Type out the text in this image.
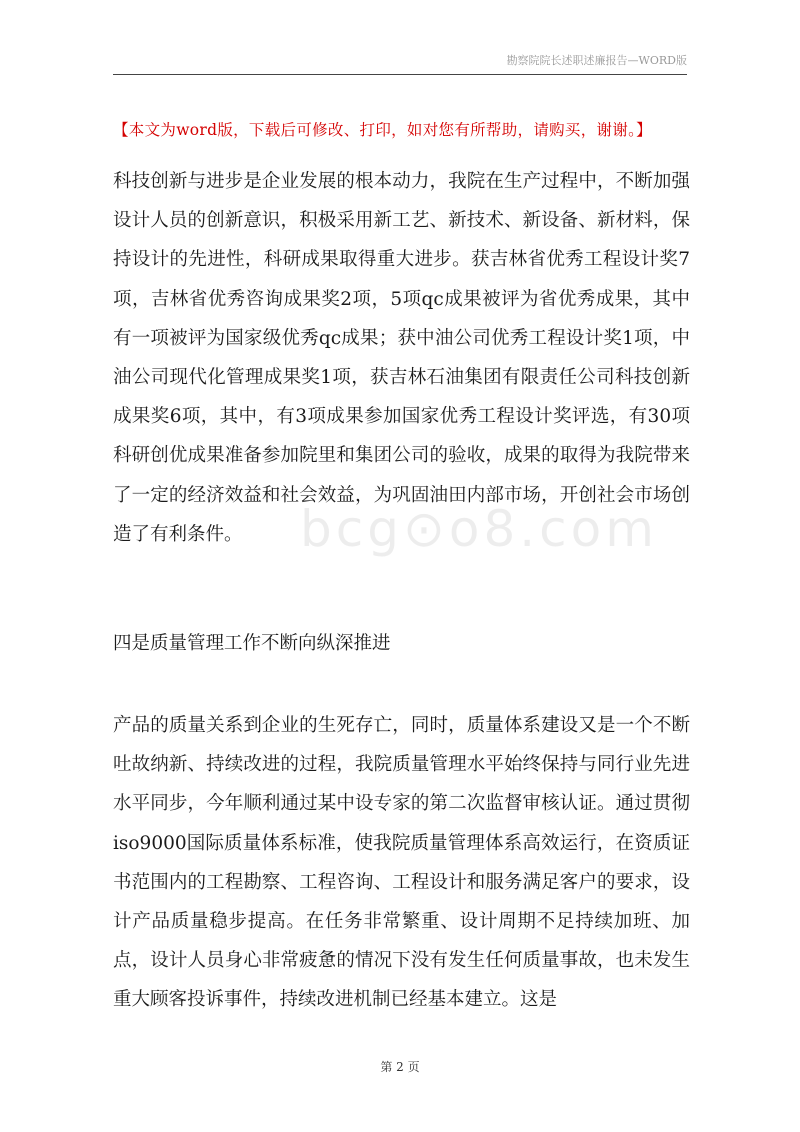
勘察院院长述职述廉报告—WORD版
【本文为word版，下载后可修改、打印，如对您有所帮助，请购买，谢谢。】

科技创新与进步是企业发展的根本动力，我院在生产过程中，不断加强设计人员的创新意识，积极采用新工艺、新技术、新设备、新材料，保持设计的先进性，科研成果取得重大进步。获吉林省优秀工程设计奖7项，吉林省优秀咨询成果奖2项，5项qc成果被评为省优秀成果，其中有一项被评为国家级优秀qc成果；获中油公司优秀工程设计奖1项，中油公司现代化管理成果奖1项，获吉林石油集团有限责任公司科技创新成果奖6项，其中，有3项成果参加国家优秀工程设计奖评选，有30项科研创优成果准备参加院里和集团公司的验收，成果的取得为我院带来了一定的经济效益和社会效益，为巩固油田内部市场，开创社会市场创造了有利条件。

四是质量管理工作不断向纵深推进

产品的质量关系到企业的生死存亡，同时，质量体系建设又是一个不断吐故纳新、持续改进的过程，我院质量管理水平始终保持与同行业先进水平同步，今年顺利通过某中设专家的第二次监督审核认证。通过贯彻iso9000国际质量体系标准，使我院质量管理体系高效运行，在资质证书范围内的工程勘察、工程咨询、工程设计和服务满足客户的要求，设计产品质量稳步提高。在任务非常繁重、设计周期不足持续加班、加点，设计人员身心非常疲惫的情况下没有发生任何质量事故，也未发生重大顾客投诉事件，持续改进机制已经基本建立。这是

bcg⊙o8.com
第 2 页
